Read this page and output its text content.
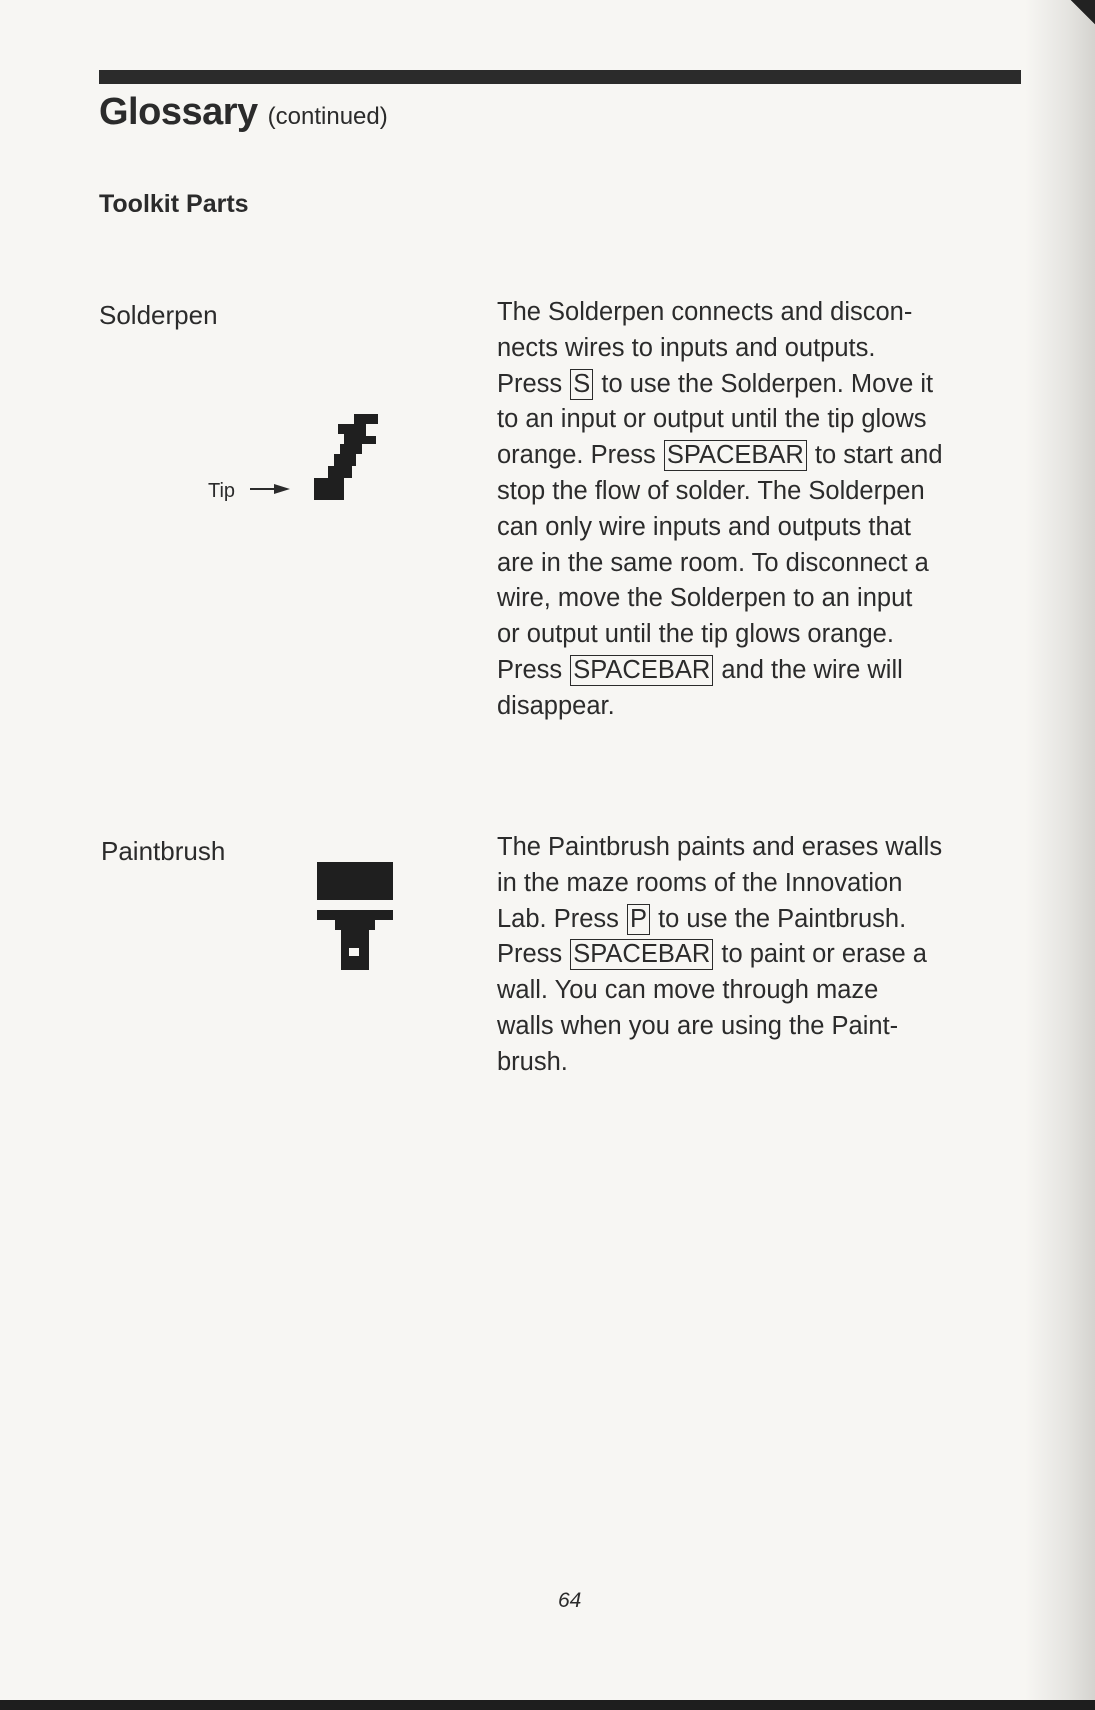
Glossary (continued)
Toolkit Parts
Solderpen
Tip
The Solderpen connects and discon-
nects wires to inputs and outputs.
Press S to use the Solderpen. Move it
to an input or output until the tip glows
orange. Press SPACEBAR to start and
stop the flow of solder. The Solderpen
can only wire inputs and outputs that
are in the same room. To disconnect a
wire, move the Solderpen to an input
or output until the tip glows orange.
Press SPACEBAR and the wire will
disappear.
Paintbrush	The Paintbrush paints and erases walls
in the maze rooms of the Innovation
Lab. Press P to use the Paintbrush.
Press SPACEBAR to paint or erase a
wall. You can move through maze
walls when you are using the Paint-
brush.
64
